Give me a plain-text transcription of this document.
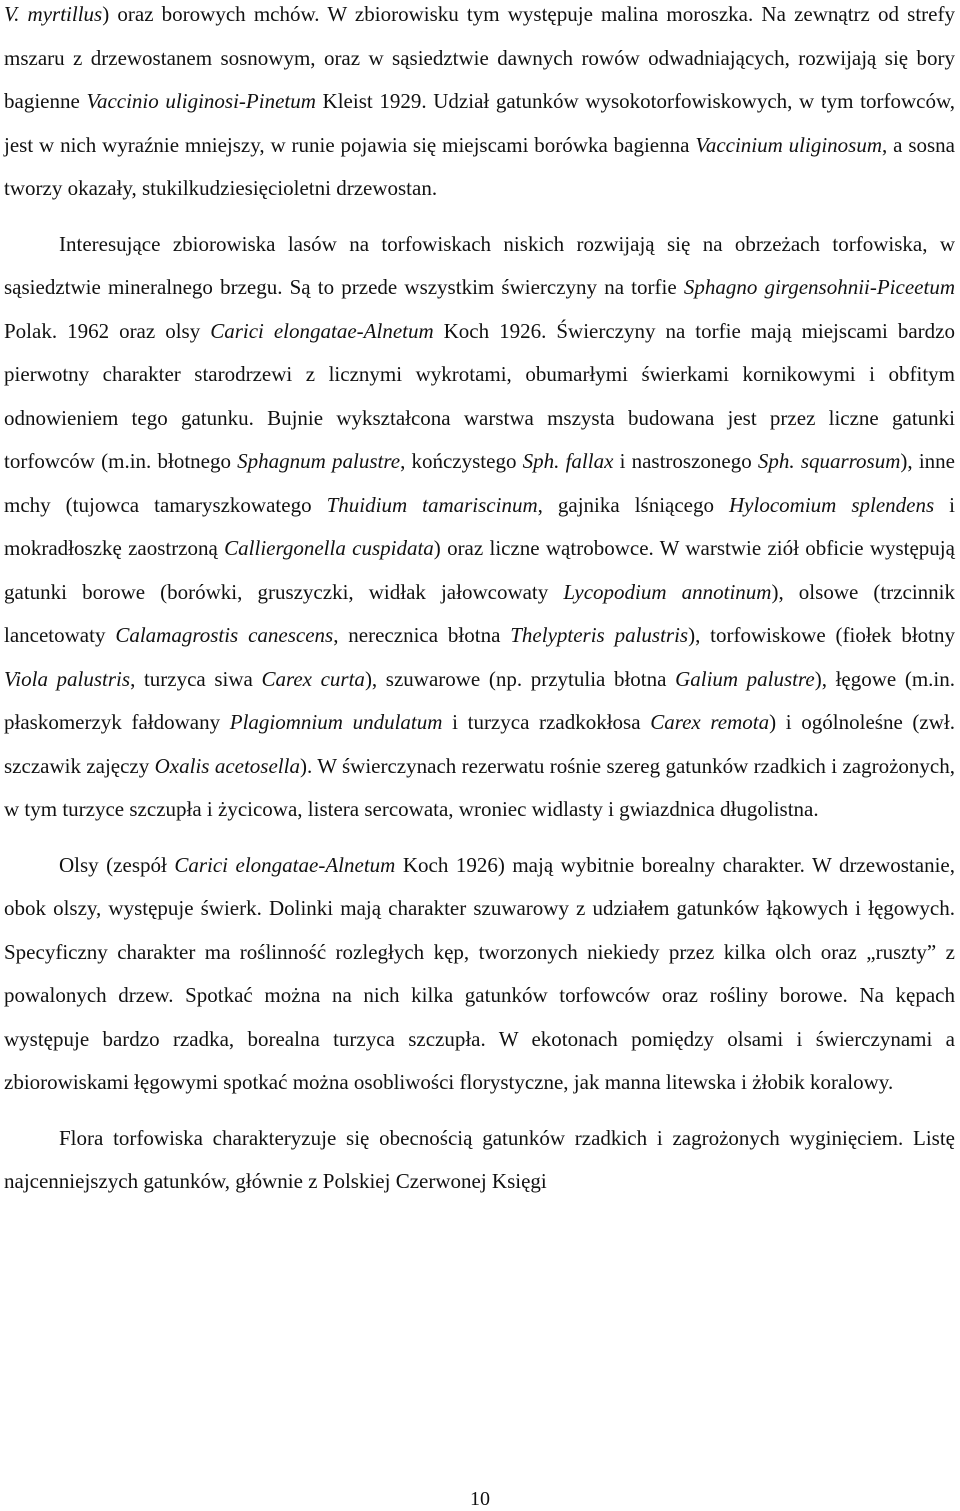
V. myrtillus) oraz borowych mchów. W zbiorowisku tym występuje malina moroszka. Na zewnątrz od strefy mszaru z drzewostanem sosnowym, oraz w sąsiedztwie dawnych rowów odwadniających, rozwijają się bory bagienne Vaccinio uliginosi-Pinetum Kleist 1929. Udział gatunków wysokotorfowiskowych, w tym torfowców, jest w nich wyraźnie mniejszy, w runie pojawia się miejscami borówka bagienna Vaccinium uliginosum, a sosna tworzy okazały, stukilkudziesięcioletni drzewostan.

Interesujące zbiorowiska lasów na torfowiskach niskich rozwijają się na obrzeżach torfowiska, w sąsiedztwie mineralnego brzegu. Są to przede wszystkim świerczyny na torfie Sphagno girgensohnii-Piceetum Polak. 1962 oraz olsy Carici elongatae-Alnetum Koch 1926. Świerczyny na torfie mają miejscami bardzo pierwotny charakter starodrzewi z licznymi wykrotami, obumarłymi świerkami kornikowymi i obfitym odnowieniem tego gatunku. Bujnie wykształcona warstwa mszysta budowana jest przez liczne gatunki torfowców (m.in. błotnego Sphagnum palustre, kończystego Sph. fallax i nastroszonego Sph. squarrosum), inne mchy (tujowca tamaryszkowatego Thuidium tamariscinum, gajnika lśniącego Hylocomium splendens i mokradłoszkę zaostrzoną Calliergonella cuspidata) oraz liczne wątrobowce. W warstwie ziół obficie występują gatunki borowe (borówki, gruszyczki, widłak jałowcowaty Lycopodium annotinum), olsowe (trzcinnik lancetowaty Calamagrostis canescens, nerecznica błotna Thelypteris palustris), torfowiskowe (fiołek błotny Viola palustris, turzyca siwa Carex curta), szuwarowe (np. przytulia błotna Galium palustre), łęgowe (m.in. płaskomerzyk fałdowany Plagiomnium undulatum i turzyca rzadkokłosa Carex remota) i ogólnoleśne (zwł. szczawik zajęczy Oxalis acetosella). W świerczynach rezerwatu rośnie szereg gatunków rzadkich i zagrożonych, w tym turzyce szczupła i życicowa, listera sercowata, wroniec widlasty i gwiazdnica długolistna.

Olsy (zespół Carici elongatae-Alnetum Koch 1926) mają wybitnie borealny charakter. W drzewostanie, obok olszy, występuje świerk. Dolinki mają charakter szuwarowy z udziałem gatunków łąkowych i łęgowych. Specyficzny charakter ma roślinność rozległych kęp, tworzonych niekiedy przez kilka olch oraz „ruszty” z powalonych drzew. Spotkać można na nich kilka gatunków torfowców oraz rośliny borowe. Na kępach występuje bardzo rzadka, borealna turzyca szczupła. W ekotonach pomiędzy olsami i świerczynami a zbiorowiskami łęgowymi spotkać można osobliwości florystyczne, jak manna litewska i żłobik koralowy.

Flora torfowiska charakteryzuje się obecnością gatunków rzadkich i zagrożonych wyginięciem. Listę najcenniejszych gatunków, głównie z Polskiej Czerwonej Księgi

10
